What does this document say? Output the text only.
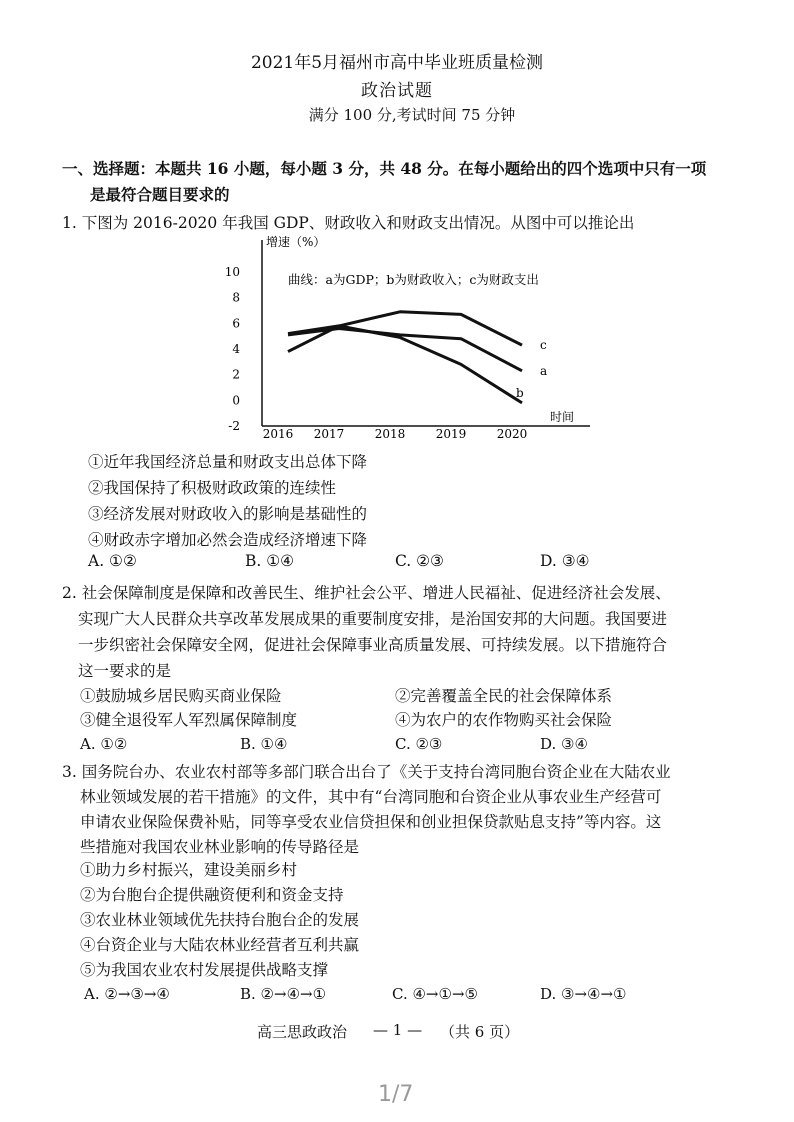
2021年5月福州市高中毕业班质量检测
政治试题
满分 100 分,考试时间 75 分钟
一、选择题：本题共 16 小题，每小题 3 分，共 48 分。在每小题给出的四个选项中只有一项
是最符合题目要求的
1. 下图为 2016-2020 年我国 GDP、财政收入和财政支出情况。从图中可以推论出
增速（%）
时间
曲线：a为GDP；b为财政收入；c为财政支出
10
8
6
4
2
0
-2
2016 2017	2018	2019	2020
a
b
c
①近年我国经济总量和财政支出总体下降
②我国保持了积极财政政策的连续性
③经济发展对财政收入的影响是基础性的
④财政赤字增加必然会造成经济增速下降
A. ①②	B. ①④	C. ②③	D. ③④
2. 社会保障制度是保障和改善民生、维护社会公平、增进人民福祉、促进经济社会发展、
实现广大人民群众共享改革发展成果的重要制度安排，是治国安邦的大问题。我国要进
一步织密社会保障安全网，促进社会保障事业高质量发展、可持续发展。以下措施符合
这一要求的是
①鼓励城乡居民购买商业保险	②完善覆盖全民的社会保障体系
③健全退役军人军烈属保障制度	④为农户的农作物购买社会保险
A. ①②	B. ①④	C. ②③	D. ③④
3. 国务院台办、农业农村部等多部门联合出台了《关于支持台湾同胞台资企业在大陆农业
林业领域发展的若干措施》的文件，其中有“台湾同胞和台资企业从事农业生产经营可
申请农业保险保费补贴，同等享受农业信贷担保和创业担保贷款贴息支持”等内容。这
些措施对我国农业林业影响的传导路径是
①助力乡村振兴，建设美丽乡村
②为台胞台企提供融资便利和资金支持
③农业林业领域优先扶持台胞台企的发展
④台资企业与大陆农林业经营者互利共赢
⑤为我国农业农村发展提供战略支撑
A. ②→③→④	B. ②→④→①	C. ④→①→⑤	D. ③→④→①
高三思政政治 — 1 — （共 6 页）
1/7
